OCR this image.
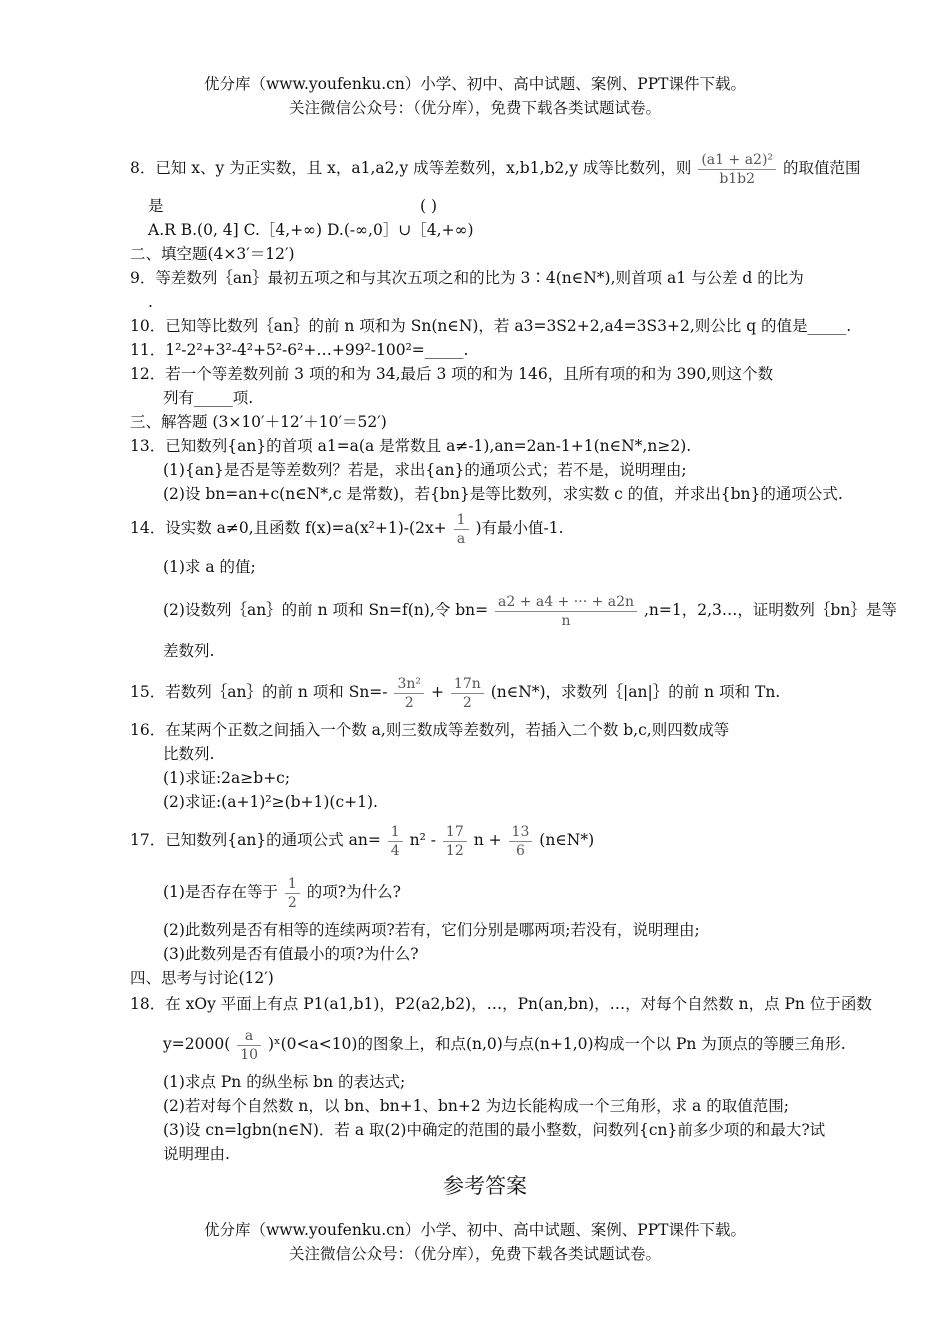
优分库（www.youfenku.cn）小学、初中、高中试题、案例、PPT课件下载。
关注微信公众号：（优分库），免费下载各类试题试卷。
8．已知 x、y 为正实数，且 x，a1,a2,y 成等差数列，x,b1,b2,y 成等比数列，则 $\frac{\text{(a1 + a2)²}}{b1b2}$ 的取值范围
是	( )
A.R B.(0, 4] C.［4,+∞) D.(-∞,0］∪［4,+∞)
二、填空题(4×3′＝12′)
9．等差数列｛an｝最初五项之和与其次五项之和的比为 3∶4(n∈N*),则首项 a1 与公差 d 的比为
.
10．已知等比数列｛an｝的前 n 项和为 Sn(n∈N)，若 a3=3S2+2,a4=3S3+2,则公比 q 的值是_____.
11．1²-2²+3²-4²+5²-6²+…+99²-100²=_____.
12．若一个等差数列前 3 项的和为 34,最后 3 项的和为 146，且所有项的和为 390,则这个数
列有_____项.
三、解答题 (3×10′＋12′＋10′＝52′)
13．已知数列{an}的首项 a1=a(a 是常数且 a≠-1),an=2an-1+1(n∈N*,n≥2).
(1){an}是否是等差数列？若是，求出{an}的通项公式；若不是，说明理由;
(2)设 bn=an+c(n∈N*,c 是常数)，若{bn}是等比数列，求实数 c 的值，并求出{bn}的通项公式.
14．设实数 a≠0,且函数 $f(x)=a(x^2+1)-(2x+ \frac{1}{a}$ )有最小值-1.
(1)求 a 的值;
(2)设数列｛an｝的前 n 项和 Sn=f(n),令 $bn= \frac{a2 + a4 + \cdot\cdot\cdot + a2n}{n} ,n=1$，2,3…，证明数列｛bn｝是等
差数列.
15．若数列｛an｝的前 n 项和 $Sn=- \frac{\text{3n²}}{2} + \frac{17n}{2}$ (n∈N*)，求数列｛|an|｝的前 n 项和 Tn.
16．在某两个正数之间插入一个数 a,则三数成等差数列，若插入二个数 b,c,则四数成等
比数列.
(1)求证:2a≥b+c;
(2)求证:(a+1)²≥(b+1)(c+1).
17．已知数列{an}的通项公式 $an= \frac{1}{4} n^2 - \frac{17}{12}$ $n + \frac{13}{6}$ (n∈N*)
(1)是否存在等于 $\frac{1}{2}$ 的项?为什么?
(2)此数列是否有相等的连续两项?若有，它们分别是哪两项;若没有，说明理由;
(3)此数列是否有值最小的项?为什么?
四、思考与讨论(12′)
18．在 xOy 平面上有点 P1(a1,b1)，P2(a2,b2)，…，Pn(an,bn)，…，对每个自然数 n，点 Pn 位于函数
$y=2000( \frac{a}{10}$ )ˣ(0<a<10)的图象上，和点(n,0)与点(n+1,0)构成一个以 Pn 为顶点的等腰三角形.
(1)求点 Pn 的纵坐标 bn 的表达式;
(2)若对每个自然数 n，以 bn、bn+1、bn+2 为边长能构成一个三角形，求 a 的取值范围;
(3)设 cn=lgbn(n∈N)．若 a 取(2)中确定的范围的最小整数，问数列{cn}前多少项的和最大?试
说明理由.
参考答案
优分库（www.youfenku.cn）小学、初中、高中试题、案例、PPT课件下载。
关注微信公众号：（优分库），免费下载各类试题试卷。
